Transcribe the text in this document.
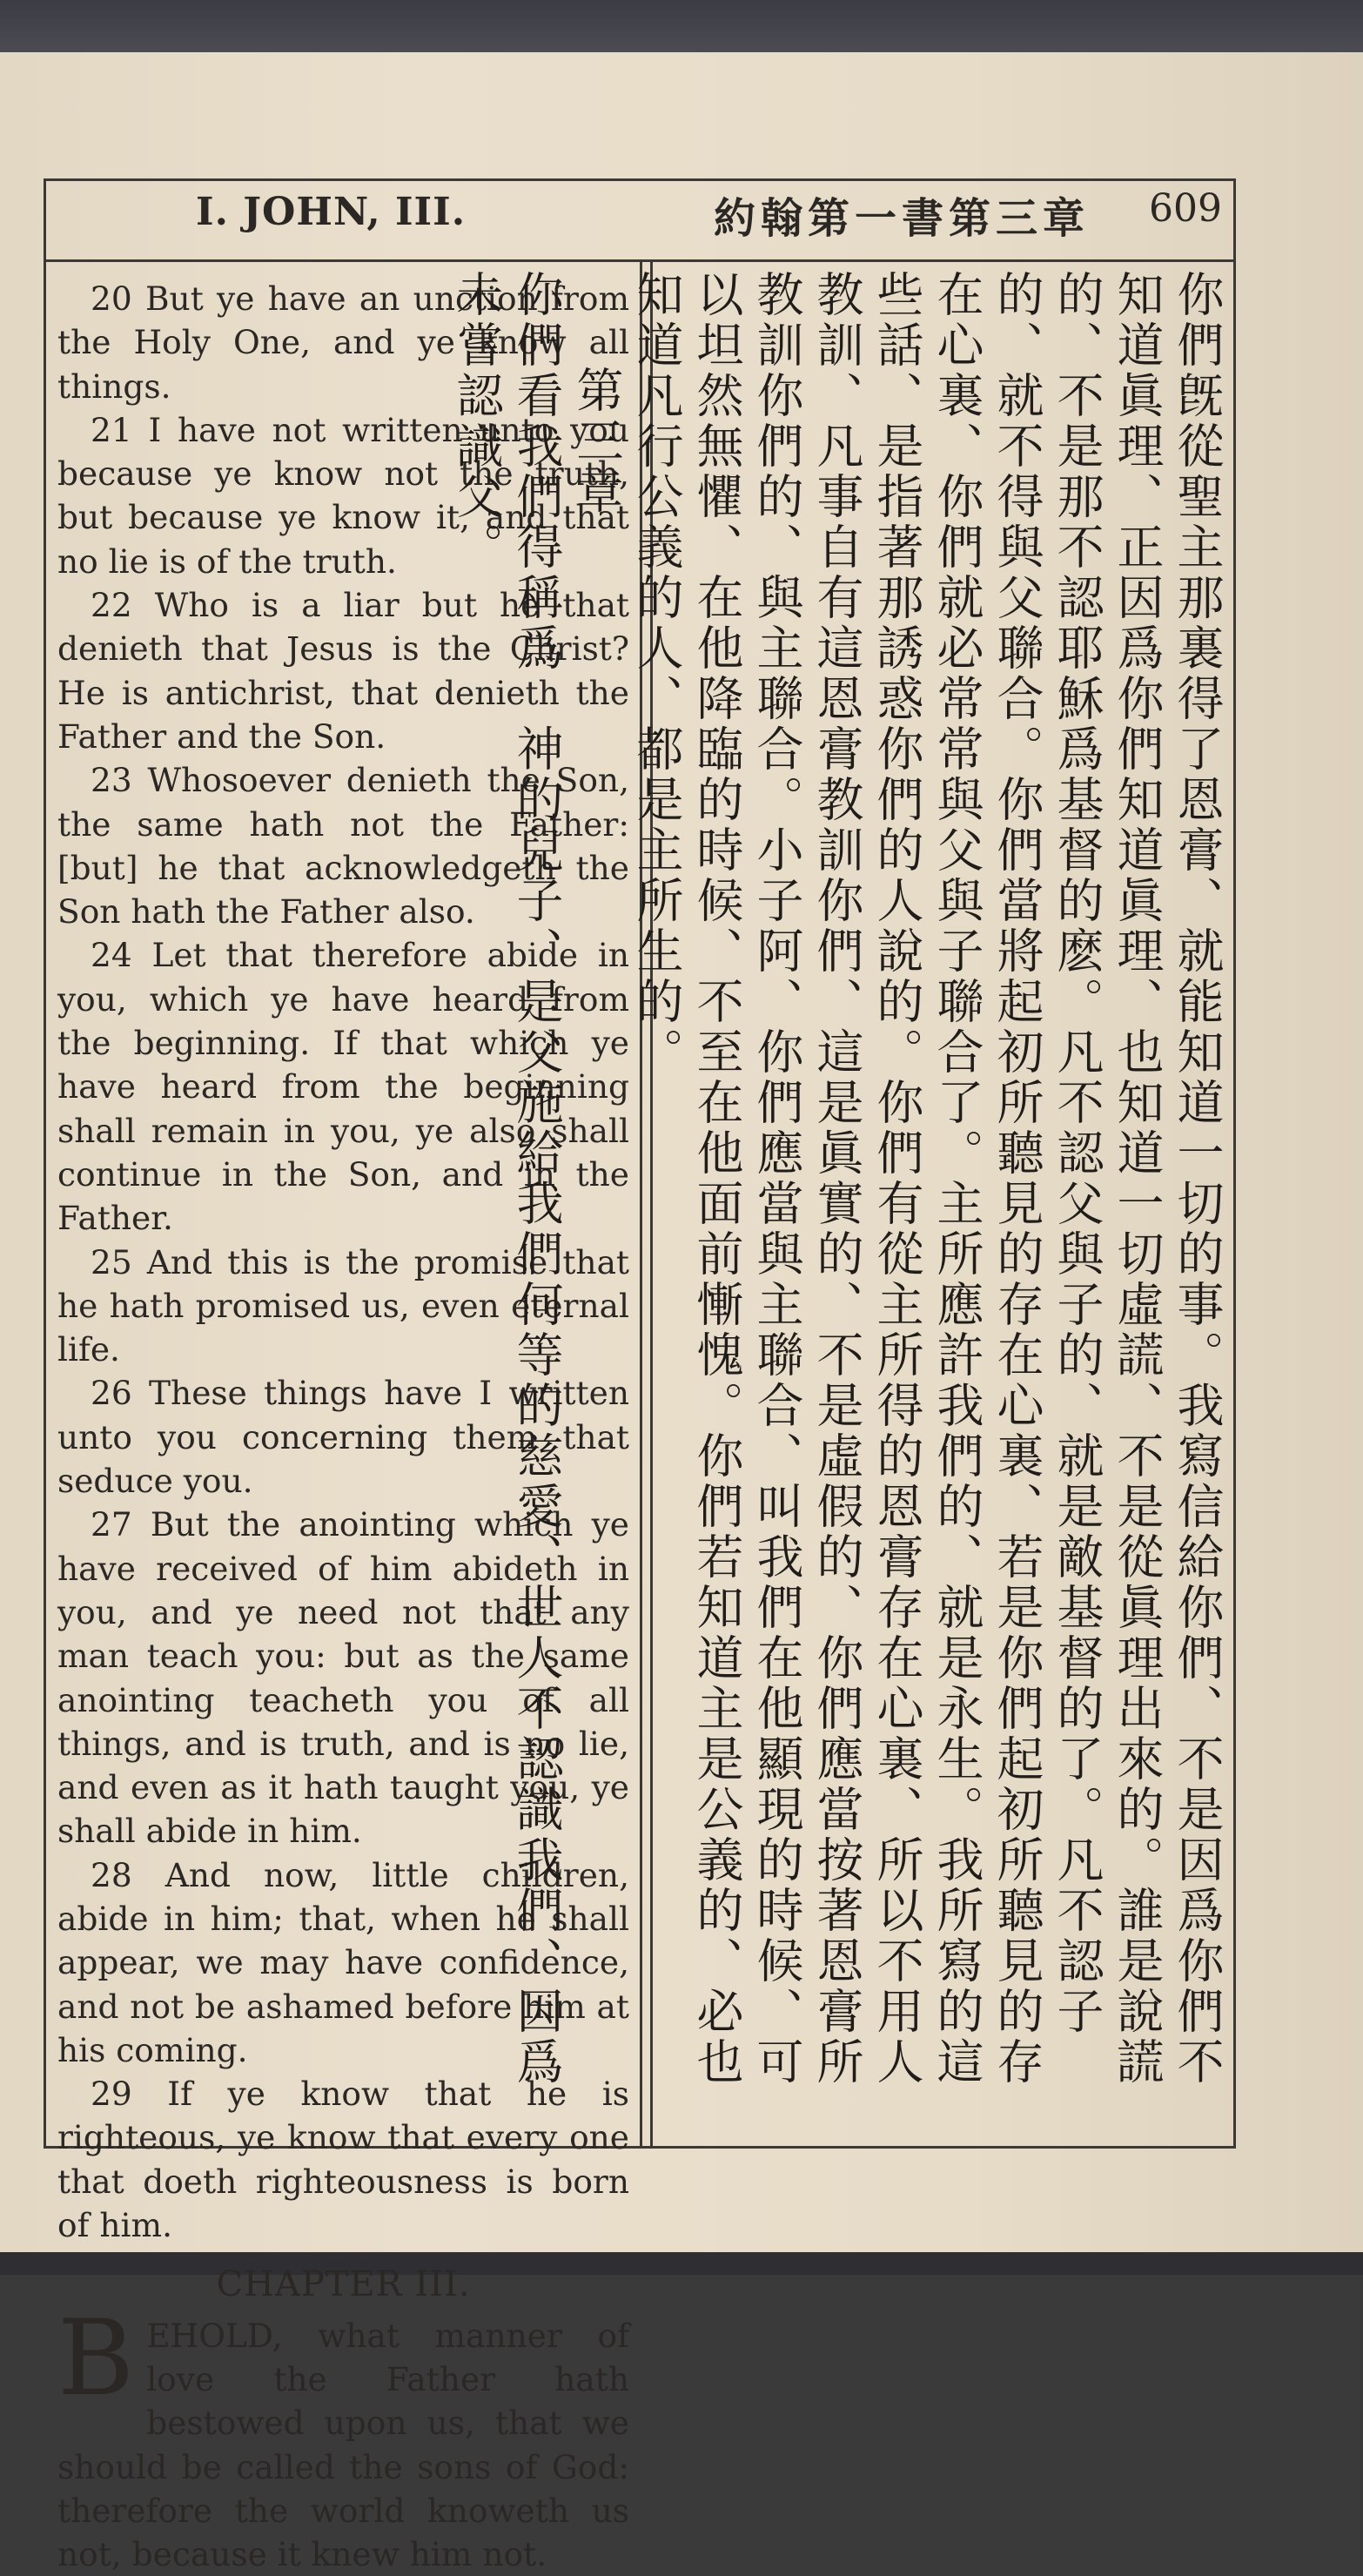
I. JOHN, III.	約翰第一書第三章 609

20 But ye have an unction from the Holy One, and ye know all things.

21 I have not written unto you because ye know not the truth, but because ye know it, and that no lie is of the truth.

22 Who is a liar but he that denieth that Jesus is the Christ? He is antichrist, that denieth the Father and the Son.

23 Whosoever denieth the Son, the same hath not the Father: [but] he that acknowledgeth the Son hath the Father also.

24 Let that therefore abide in you, which ye have heard from the beginning. If that which ye have heard from the beginning shall remain in you, ye also shall continue in the Son, and in the Father.

25 And this is the promise that he hath promised us, even eternal life.

26 These things have I written unto you concerning them that seduce you.

27 But the anointing which ye have received of him abideth in you, and ye need not that any man teach you: but as the same anointing teacheth you of all things, and is truth, and is no lie, and even as it hath taught you, ye shall abide in him.

28 And now, little children, abide in him; that, when he shall appear, we may have confidence, and not be ashamed before him at his coming.

29 If ye know that he is righteous, ye know that every one that doeth righteousness is born of him.

CHAPTER III.

BEHOLD, what manner of love the Father hath bestowed upon us, that we should be called the sons of God: therefore the world knoweth us not, because it knew him not.

你們旣從聖主那裏得了恩膏、就能知道一切的事。我寫信給你們、不是因爲你們不知道眞理、正因爲你們知道眞理、也知道一切虛謊、不是從眞理出來的。誰是說謊的、不是那不認耶穌爲基督的麽。凡不認父與子的、就是敵基督的了。凡不認子的、就不得與父聯合。你們當將起初所聽見的存在心裏、若是你們起初所聽見的存在心裏、你們就必常常與父與子聯合了。主所應許我們的、就是永生。我所寫的這些話、是指著那誘惑你們的人說的。你們有從主所得的恩膏存在心裏、所以不用人教訓、凡事自有這恩膏教訓你們、這是眞實的、不是虛假的、你們應當按著恩膏所教訓你們的、與主聯合。小子阿、你們應當與主聯合、叫我們在他顯現的時候、可以坦然無懼、在他降臨的時候、不至在他面前慚愧。你們若知道主是公義的、必也知道凡行公義的人、都是主所生的。

第三章

你們看我們得稱爲　神的兒子、是父施給我們何等的慈愛、世人不認識我們、因爲未嘗認識父。
